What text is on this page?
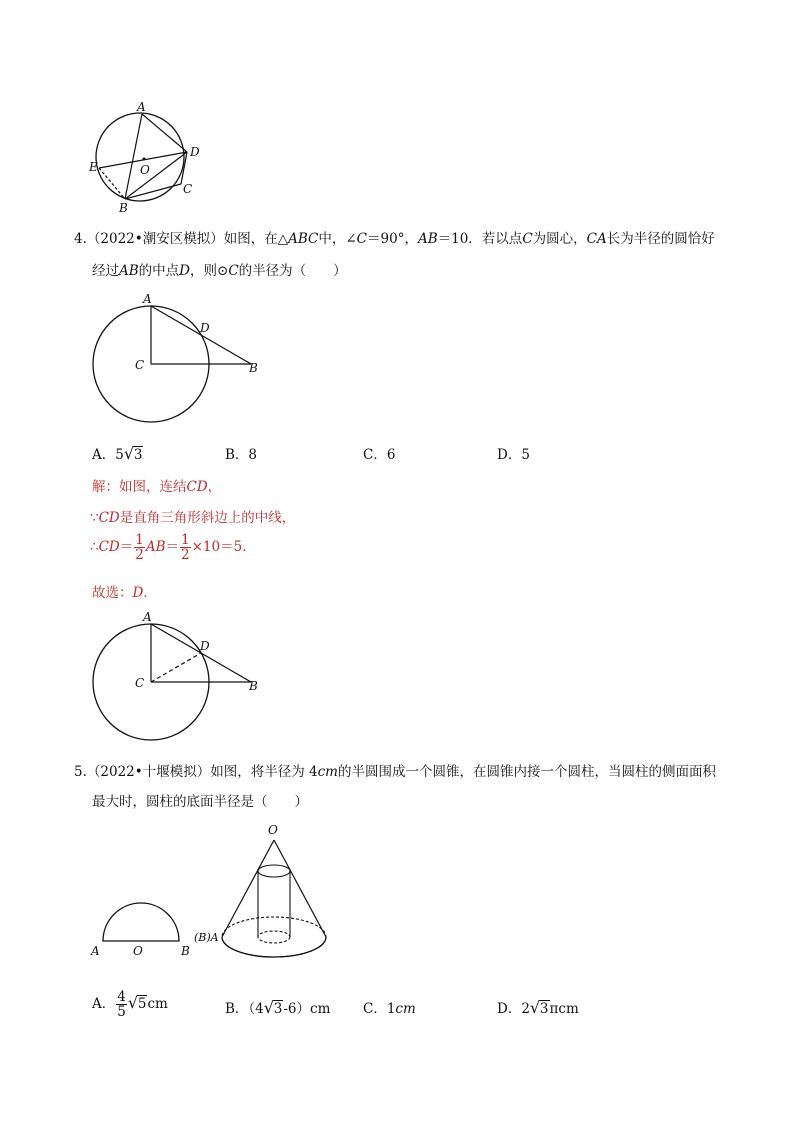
A
D
E	O
C
B
4.（2022•潮安区模拟）如图，在△ABC中，∠C＝90°，AB＝10．若以点C为圆心，CA长为半径的圆恰好
经过AB的中点D，则⊙C的半径为（　　）
A
D
C	B
A．5 √ 3	B．8	C．6	D．5
解：如图，连结CD，
∵CD是直角三角形斜边上的中线，
∴CD＝ $\frac{1}{2} AB= \frac{1}{2} \times 10=5$．
故选：D．
A
D
C	B
5.（2022•十堰模拟）如图，将半径为 4cm的半圆围成一个圆锥，在圆锥内接一个圆柱，当圆柱的侧面面积
最大时，圆柱的底面半径是（　　）
A	O	B
O
(B)A
A． $\frac{4}{5}$ √ 5cm	B．（4 √ 3-6）cm C．1cm	D．2 √ 3πcm
